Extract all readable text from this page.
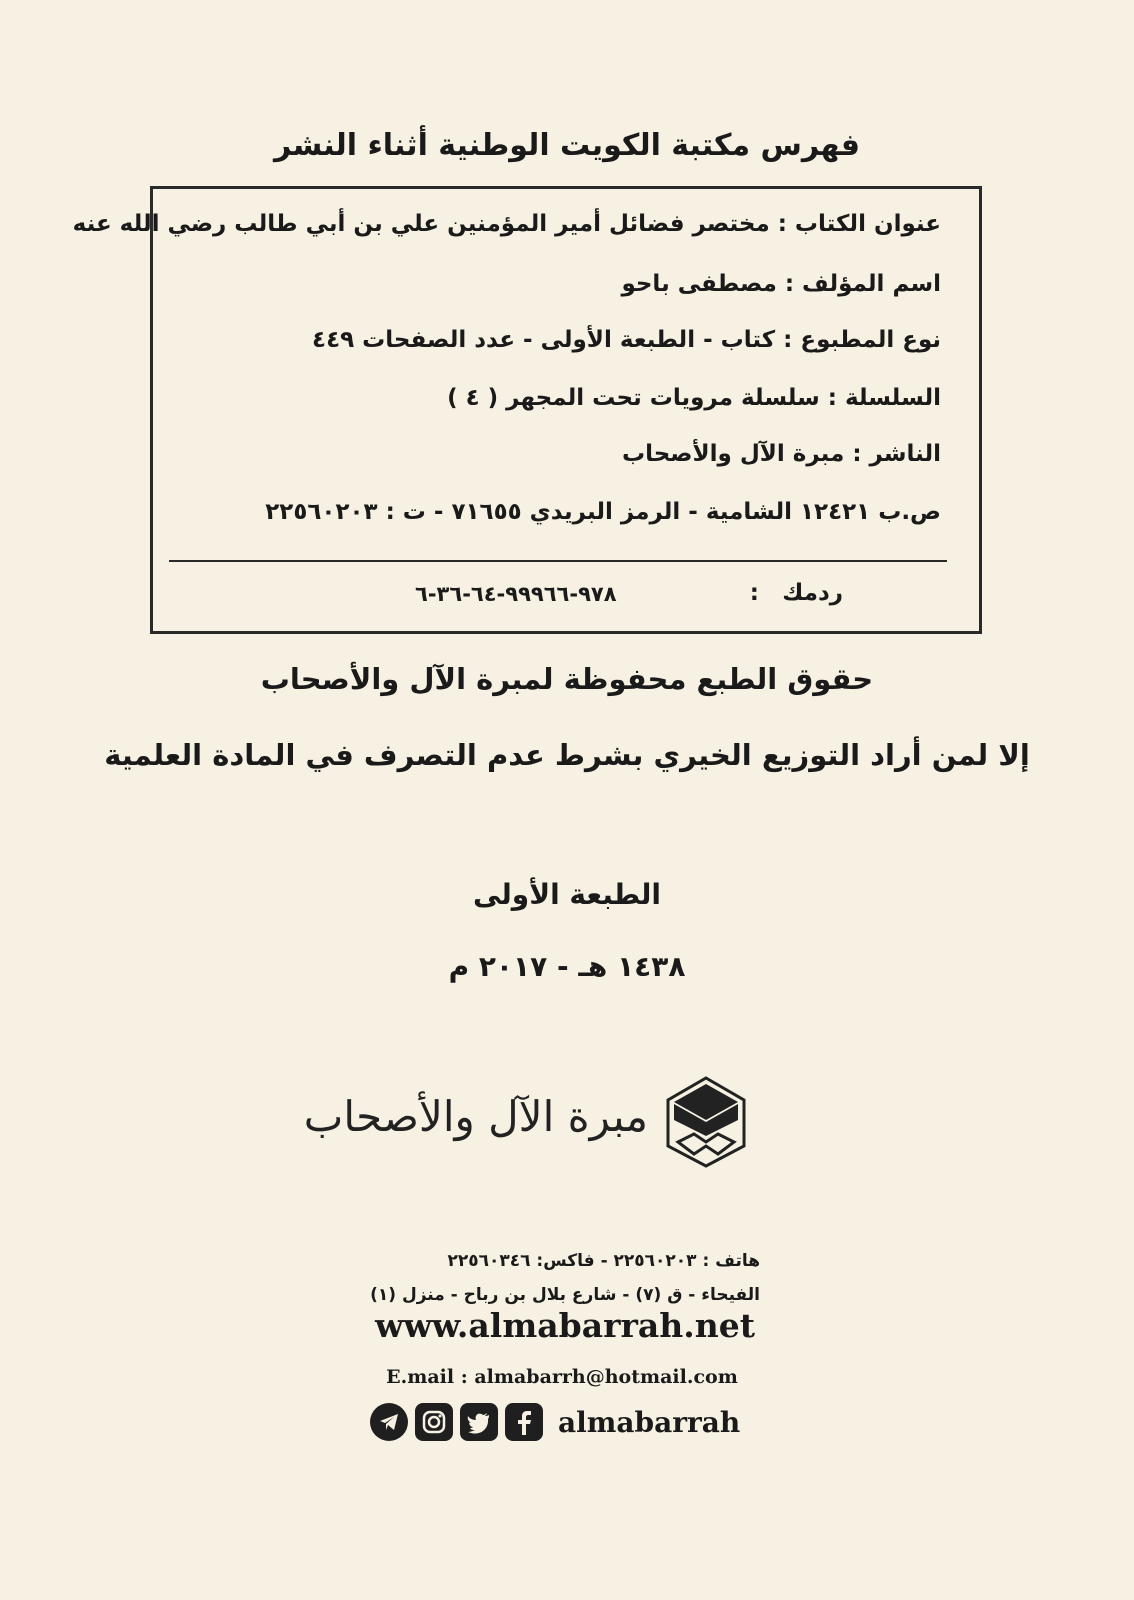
فهرس مكتبة الكويت الوطنية أثناء النشر
عنوان الكتاب : مختصر فضائل أمير المؤمنين علي بن أبي طالب رضي الله عنه
اسم المؤلف : مصطفى باحو
نوع المطبوع : كتاب - الطبعة الأولى - عدد الصفحات ٤٤٩
السلسلة : سلسلة مرويات تحت المجهر ( ٤ )
الناشر : مبرة الآل والأصحاب
ص.ب ١٢٤٢١ الشامية - الرمز البريدي ٧١٦٥٥ - ت : ٢٢٥٦٠٢٠٣
ردمك
:
٩٧٨-٩٩٩٦٦-٦٤-٣٦-٦
حقوق الطبع محفوظة لمبرة الآل والأصحاب
إلا لمن أراد التوزيع الخيري بشرط عدم التصرف في المادة العلمية
الطبعة الأولى
١٤٣٨ هـ - ٢٠١٧ م
مبرة الآل والأصحاب
هاتف : ٢٢٥٦٠٢٠٣ - فاكس: ٢٢٥٦٠٣٤٦
الفيحاء - ق (٧) - شارع بلال بن رباح - منزل (١)
www.almabarrah.net
E.mail : almabarrh@hotmail.com
almabarrah
